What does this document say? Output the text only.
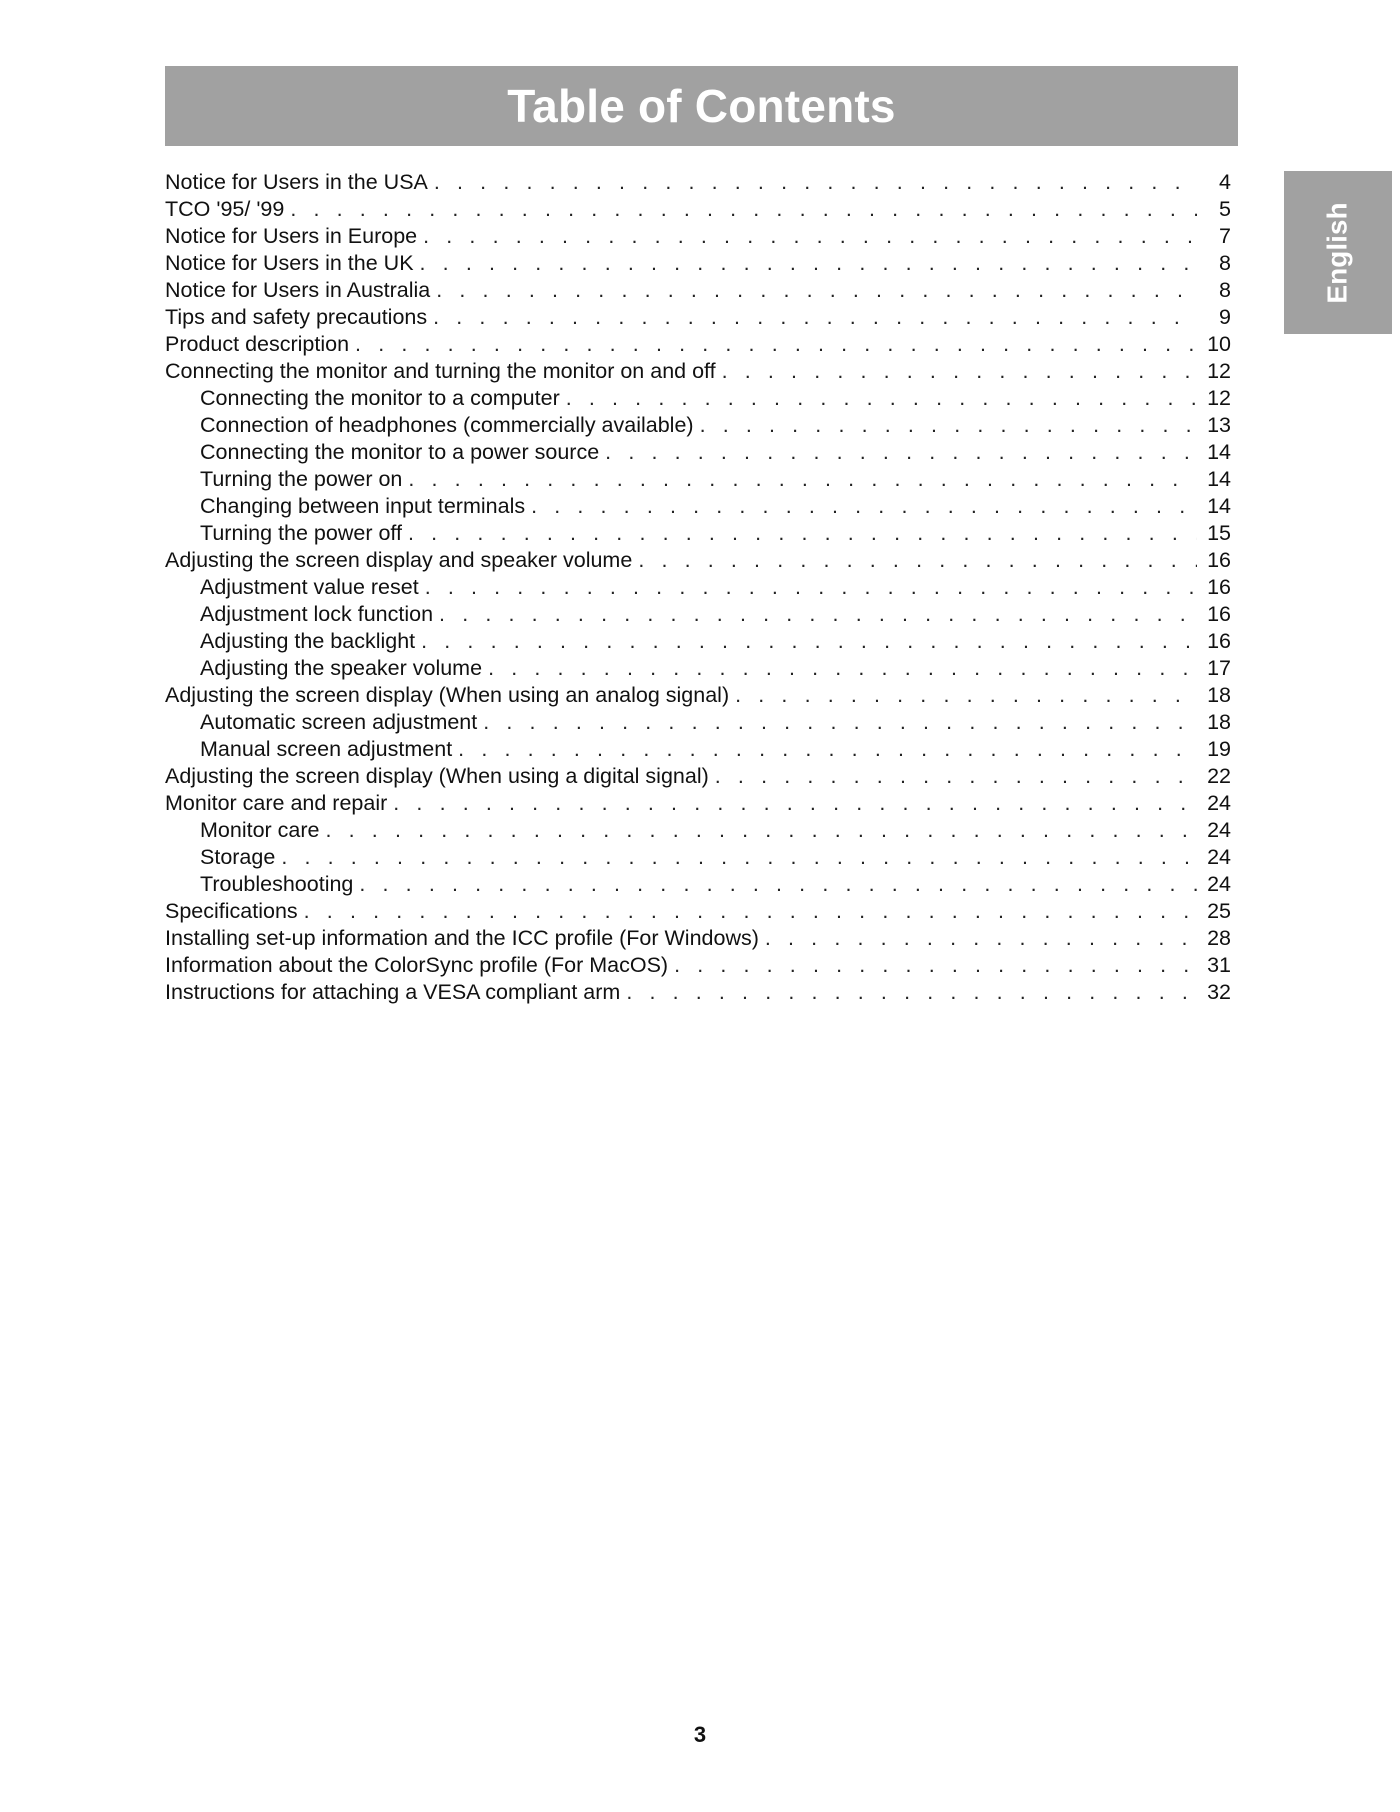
Table of Contents
English
Notice for Users in the USA . . .	4
TCO '95/ '99 . . .	5
Notice for Users in Europe . . .	7
Notice for Users in the UK . . .	8
Notice for Users in Australia . . .	8
Tips and safety precautions . . .	9
Product description . . .	10
Connecting the monitor and turning the monitor on and off . . .	12
Connecting the monitor to a computer . . .	12
Connection of headphones (commercially available) . . .	13
Connecting the monitor to a power source . . .	14
Turning the power on . . .	14
Changing between input terminals . . .	14
Turning the power off . . .	15
Adjusting the screen display and speaker volume . . .	16
Adjustment value reset . . .	16
Adjustment lock function . . .	16
Adjusting the backlight . . .	16
Adjusting the speaker volume . . .	17
Adjusting the screen display (When using an analog signal) . . .	18
Automatic screen adjustment . . .	18
Manual screen adjustment . . .	19
Adjusting the screen display (When using a digital signal) . . .	22
Monitor care and repair . . .	24
Monitor care . . .	24
Storage . . .	24
Troubleshooting . . .	24
Specifications . . .	25
Installing set-up information and the ICC profile (For Windows) . . .	28
Information about the ColorSync profile (For MacOS) . . .	31
Instructions for attaching a VESA compliant arm . . .	32
3
